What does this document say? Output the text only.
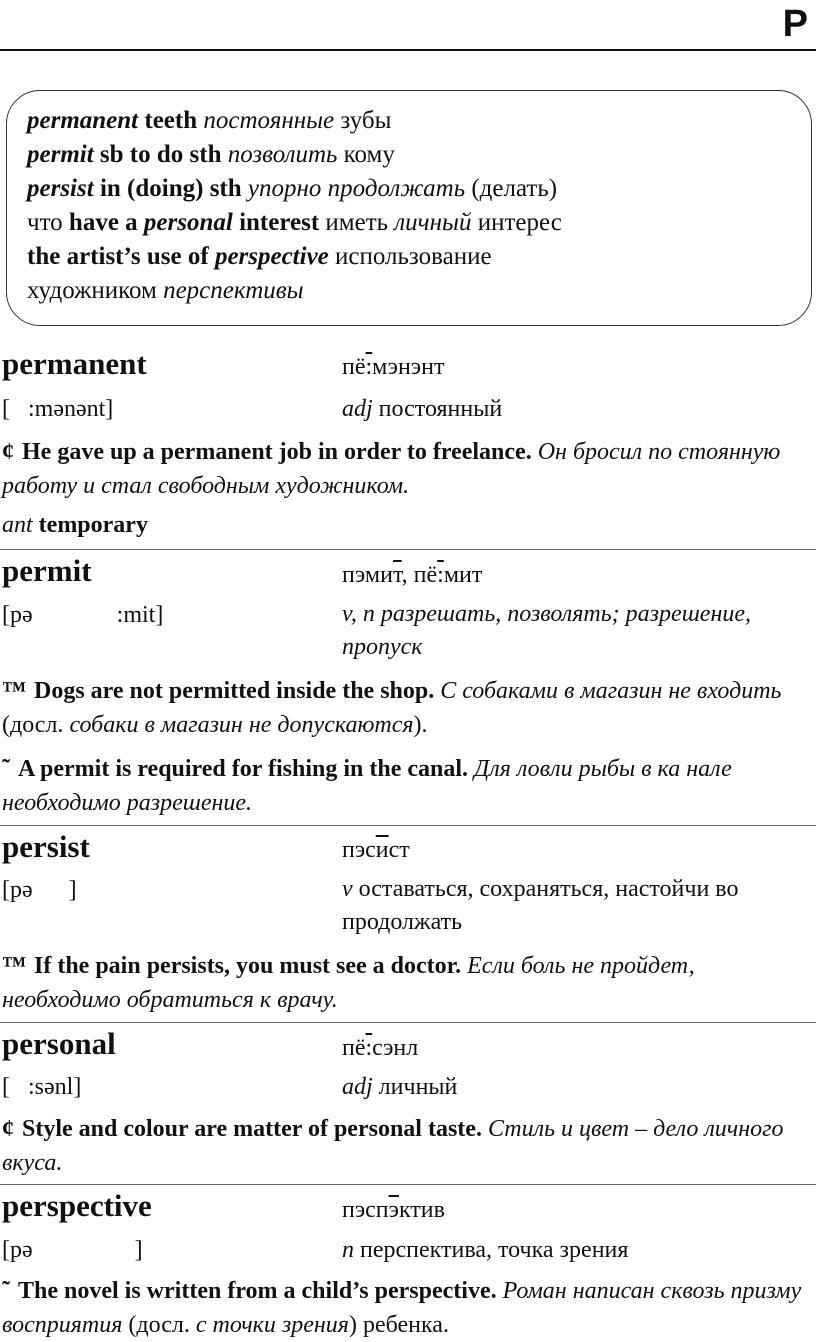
P
permanent teeth постоянные зубы
permit sb to do sth позволить кому
persist in (doing) sth упорно продолжать (делать)
что have a personal interest иметь личный интерес
the artist’s use of perspective использование
художником перспективы
permanent	пё:мэнэнт
[   :mənənt]	adj постоянный
¢ He gave up a permanent job in order to freelance. Он бросил по стоянную работу и стал свободным художником.
ant temporary
permit	пэмит, пё:мит
[pə              :mit]	v, n разрешать, позволять; разрешение, пропуск
™ Dogs are not permitted inside the shop. С собаками в магазин не входить (досл. собаки в магазин не допускаются).
˜ A permit is required for fishing in the canal. Для ловли рыбы в ка нале необходимо разрешение.
persist	пэсист
[pə      ]	v оставаться, сохраняться, настойчи во продолжать
™ If the pain persists, you must see a doctor. Если боль не пройдет, необходимо обратиться к врачу.
personal	пё:сэнл
[   :sənl]	adj личный
¢ Style and colour are matter of personal taste. Стиль и цвет – дело личного вкуса.
perspective	пэспэктив
[pə                 ]	n перспектива, точка зрения
˜ The novel is written from a child’s perspective. Роман написан сквозь призму восприятия (досл. с точки зрения) ребенка.
